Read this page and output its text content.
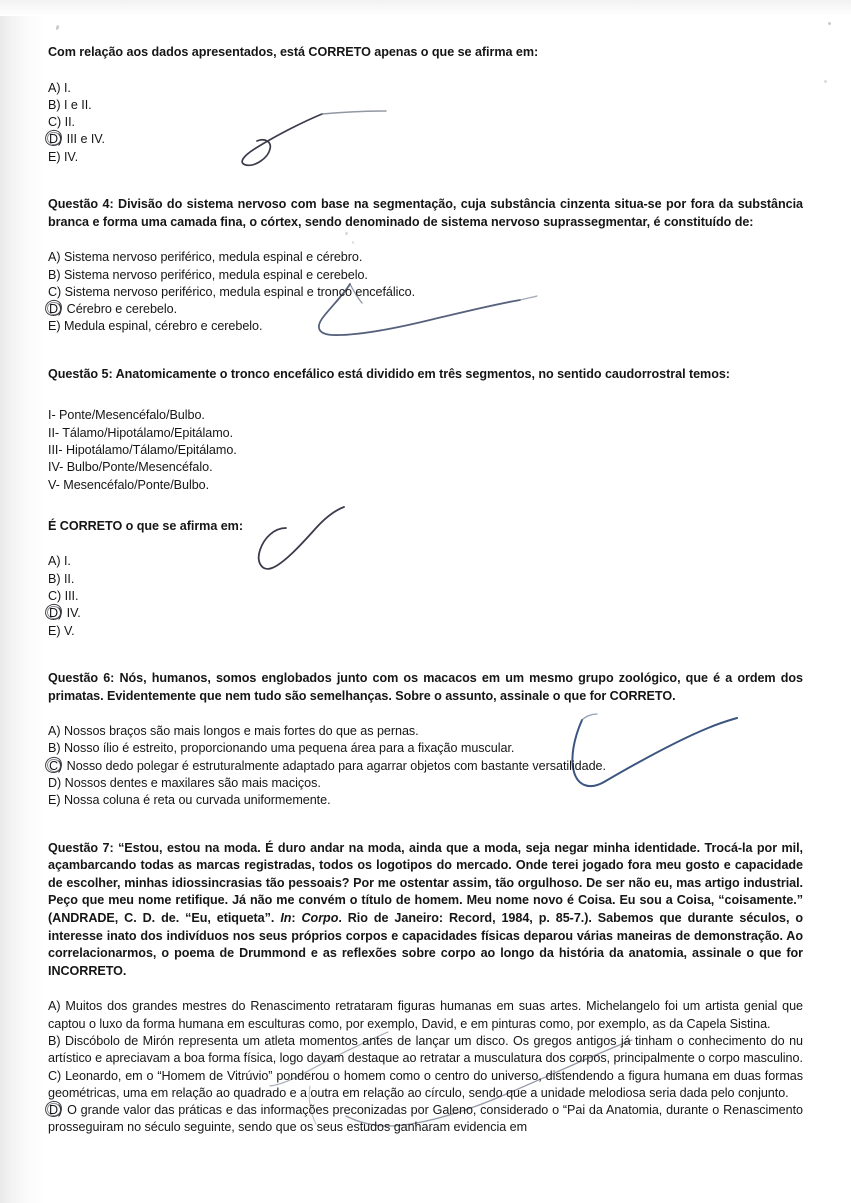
Com relação aos dados apresentados, está CORRETO apenas o que se afirma em:

A) I.
B) I e II.
C) II.
D) III e IV.
E) IV.

Questão 4: Divisão do sistema nervoso com base na segmentação, cuja substância cinzenta situa-se por fora da substância branca e forma uma camada fina, o córtex, sendo denominado de sistema nervoso suprassegmentar, é constituído de:

A) Sistema nervoso periférico, medula espinal e cérebro.
B) Sistema nervoso periférico, medula espinal e cerebelo.
C) Sistema nervoso periférico, medula espinal e tronco encefálico.
D) Cérebro e cerebelo.
E) Medula espinal, cérebro e cerebelo.

Questão 5: Anatomicamente o tronco encefálico está dividido em três segmentos, no sentido caudorrostral temos:

I- Ponte/Mesencéfalo/Bulbo.
II- Tálamo/Hipotálamo/Epitálamo.
III- Hipotálamo/Tálamo/Epitálamo.
IV- Bulbo/Ponte/Mesencéfalo.
V- Mesencéfalo/Ponte/Bulbo.

É CORRETO o que se afirma em:

A) I.
B) II.
C) III.
D) IV.
E) V.

Questão 6: Nós, humanos, somos englobados junto com os macacos em um mesmo grupo zoológico, que é a ordem dos primatas. Evidentemente que nem tudo são semelhanças. Sobre o assunto, assinale o que for CORRETO.

A) Nossos braços são mais longos e mais fortes do que as pernas.
B) Nosso ílio é estreito, proporcionando uma pequena área para a fixação muscular.
C) Nosso dedo polegar é estruturalmente adaptado para agarrar objetos com bastante versatilidade.
D) Nossos dentes e maxilares são mais maciços.
E) Nossa coluna é reta ou curvada uniformemente.

Questão 7: “Estou, estou na moda. É duro andar na moda, ainda que a moda, seja negar minha identidade. Trocá-la por mil, açambarcando todas as marcas registradas, todos os logotipos do mercado. Onde terei jogado fora meu gosto e capacidade de escolher, minhas idiossincrasias tão pessoais? Por me ostentar assim, tão orgulhoso. De ser não eu, mas artigo industrial. Peço que meu nome retifique. Já não me convém o título de homem. Meu nome novo é Coisa. Eu sou a Coisa, “coisamente.” (ANDRADE, C. D. de. “Eu, etiqueta”. In: Corpo. Rio de Janeiro: Record, 1984, p. 85-7.). Sabemos que durante séculos, o interesse inato dos indivíduos nos seus próprios corpos e capacidades físicas deparou várias maneiras de demonstração. Ao correlacionarmos, o poema de Drummond e as reflexões sobre corpo ao longo da história da anatomia, assinale o que for INCORRETO.

A) Muitos dos grandes mestres do Renascimento retrataram figuras humanas em suas artes. Michelangelo foi um artista genial que captou o luxo da forma humana em esculturas como, por exemplo, David, e em pinturas como, por exemplo, as da Capela Sistina.
B) Discóbolo de Mirón representa um atleta momentos antes de lançar um disco. Os gregos antigos já tinham o conhecimento do nu artístico e apreciavam a boa forma física, logo davam destaque ao retratar a musculatura dos corpos, principalmente o corpo masculino.
C) Leonardo, em o “Homem de Vitrúvio” ponderou o homem como o centro do universo, distendendo a figura humana em duas formas geométricas, uma em relação ao quadrado e a outra em relação ao círculo, sendo que a unidade melodiosa seria dada pelo conjunto.
D) O grande valor das práticas e das informações preconizadas por Galeno, considerado o “Pai da Anatomia, durante o Renascimento prosseguiram no século seguinte, sendo que os seus estudos ganharam evidencia em
